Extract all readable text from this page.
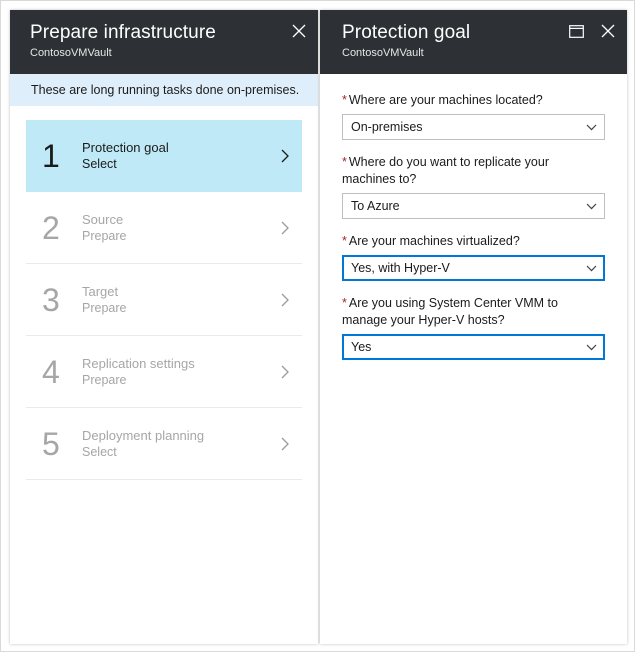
Prepare infrastructure
ContosoVMVault
These are long running tasks done on-premises.
1	Protection goal
Select
2	Source
Prepare
3	Target
Prepare
4	Replication settings
Prepare
5	Deployment planning
Select
Protection goal
ContosoVMVault
* Where are your machines located?
On-premises
* Where do you want to replicate your machines to?
To Azure
* Are your machines virtualized?
Yes, with Hyper-V
* Are you using System Center VMM to manage your Hyper-V hosts?
Yes
